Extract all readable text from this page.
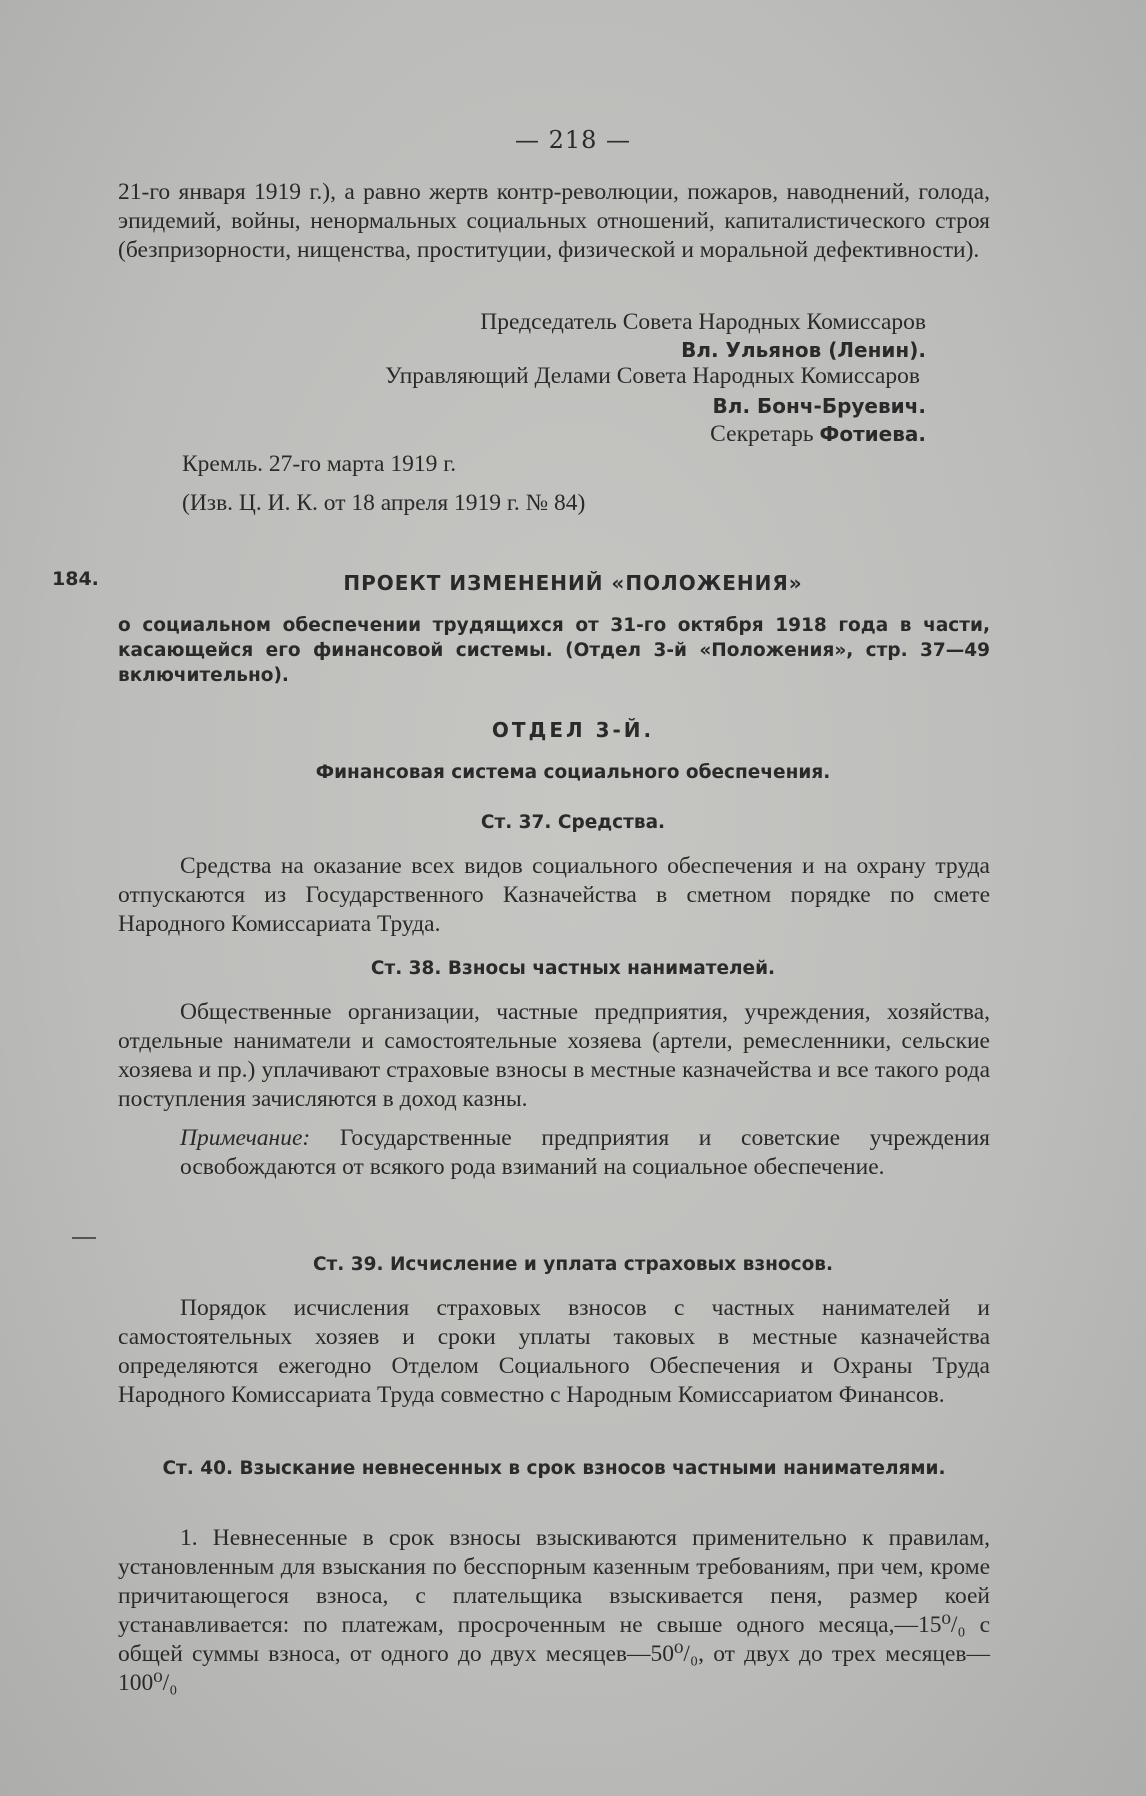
— 218 —

21-го января 1919 г.), а равно жертв контр-революции, пожаров, наводнений, голода, эпидемий, войны, ненормальных социальных отношений, капиталистического строя (безпризорности, нищенства, проституции, физической и моральной дефективности).

Председатель Совета Народных Комиссаров
Вл. Ульянов (Ленин).
Управляющий Делами Совета Народных Комиссаров
Вл. Бонч-Бруевич.
Секретарь Фотиева.
Кремль. 27-го марта 1919 г.
(Изв. Ц. И. К. от 18 апреля 1919 г. № 84)
184.	ПРОЕКТ ИЗМЕНЕНИЙ «ПОЛОЖЕНИЯ»
о социальном обеспечении трудящихся от 31-го октября 1918 года в части, касающейся его финансовой системы. (Отдел 3-й «Положения», стр. 37—49 включительно).
ОТДЕЛ 3-Й.
Финансовая система социального обеспечения.
Ст. 37. Средства.

Средства на оказание всех видов социального обеспечения и на охрану труда отпускаются из Государственного Казначейства в сметном порядке по смете Народного Комиссариата Труда.

Ст. 38. Взносы частных нанимателей.

Общественные организации, частные предприятия, учреждения, хозяйства, отдельные наниматели и самостоятельные хозяева (артели, ремесленники, сельские хозяева и пр.) уплачивают страховые взносы в местные казначейства и все такого рода поступления зачисляются в доход казны.

Примечание: Государственные предприятия и советские учреждения освобождаются от всякого рода взиманий на социальное обеспечение.

Ст. 39. Исчисление и уплата страховых взносов.

Порядок исчисления страховых взносов с частных нанимателей и самостоятельных хозяев и сроки уплаты таковых в местные казначейства определяются ежегодно Отделом Социального Обеспечения и Охраны Труда Народного Комиссариата Труда совместно с Народным Комиссариатом Финансов.

Ст. 40. Взыскание невнесенных в срок взносов частными нанимателями.

1. Невнесенные в срок взносы взыскиваются применительно к правилам, установленным для взыскания по бесспорным казенным требованиям, при чем, кроме причитающегося взноса, с плательщика взыскивается пеня, размер коей устанавливается: по платежам, просроченным не свыше одного месяца,—15⁰/₀ с общей суммы взноса, от одного до двух месяцев—50⁰/₀, от двух до трех месяцев—100⁰/₀
